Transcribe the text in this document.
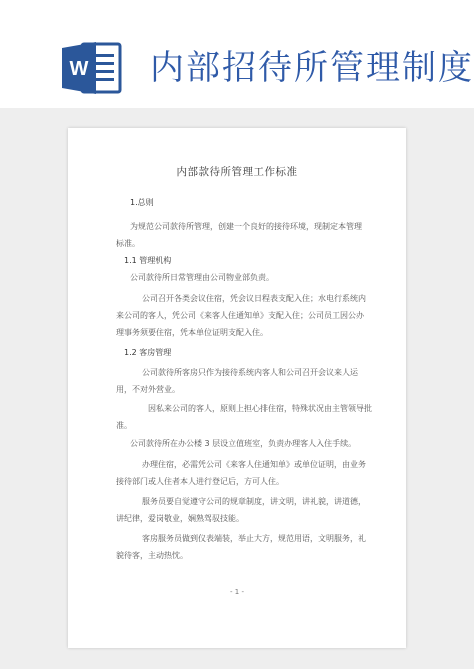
W 内部招待所管理制度
内部款待所管理工作标准
1.总则
为规范公司款待所管理，创建一个良好的接待环境，现制定本管理
标准。
1.1 管理机构
公司款待所日常管理由公司物业部负责。
公司召开各类会议住宿，凭会议日程表支配入住；水电行系统内
来公司的客人，凭公司《来客人住通知单》支配入住；公司员工因公办
理事务须要住宿，凭本单位证明支配入住。
1.2 客房管理
公司款待所客房只作为接待系统内客人和公司召开会议来人运
用，不对外营业。
因私来公司的客人，原则上担心排住宿，特殊状况由主管领导批
准。
公司款待所在办公楼 3 层设立值班室，负责办理客人入住手续。
办理住宿，必需凭公司《来客人住通知单》或单位证明，由业务
接待部门或人住者本人进行登记后，方可人住。
服务员要自觉遵守公司的规章制度，讲文明，讲礼貌，讲道德，
讲纪律，爱岗敬业，娴熟驾驭技能。
客房服务员做到仪表端装，举止大方，规范用语，文明服务，礼
貌待客，主动热忱。
- 1 -
